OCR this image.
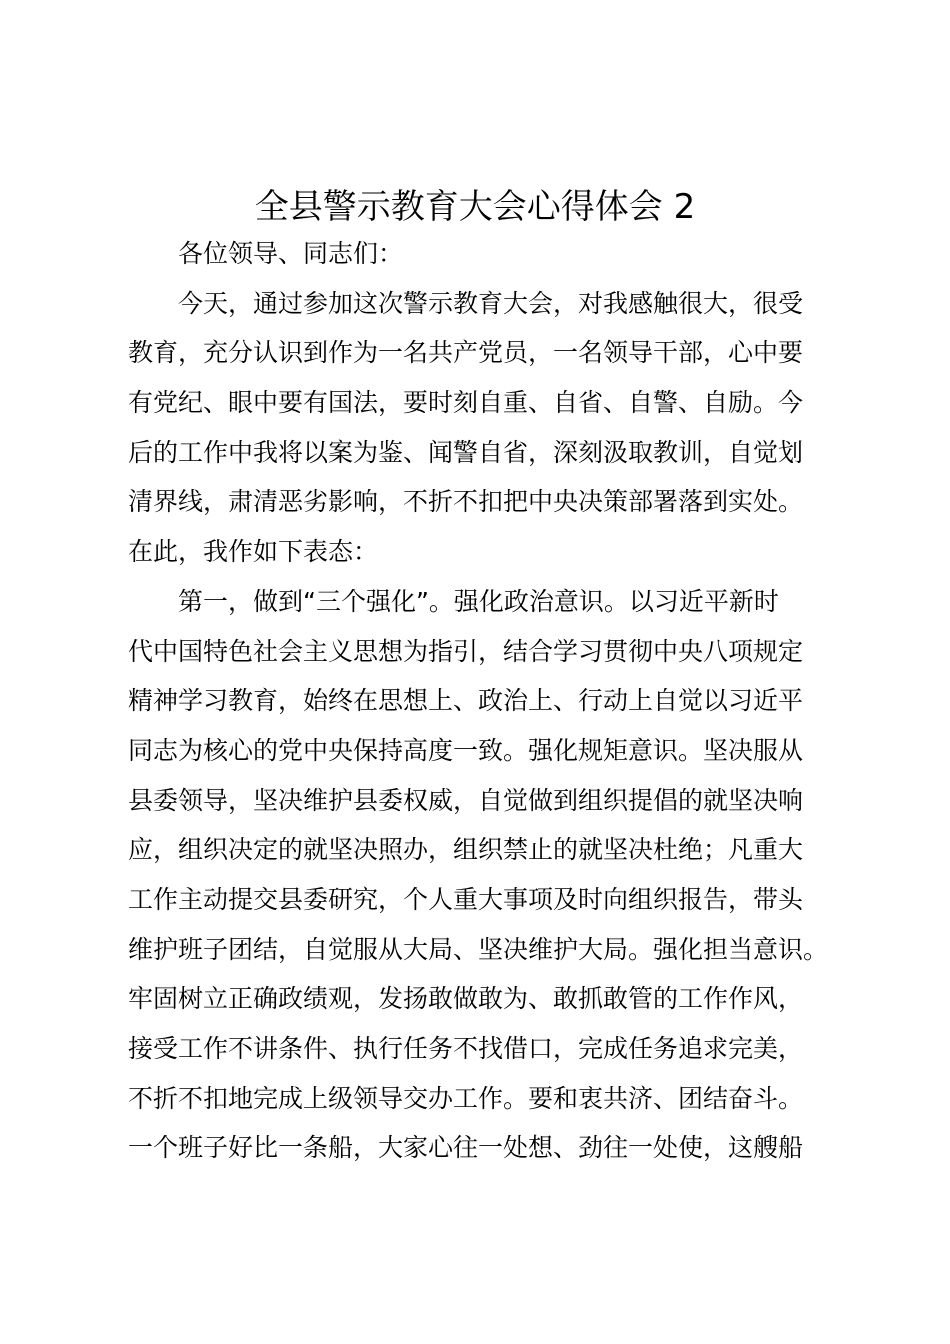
全县警示教育大会心得体会 2

各位领导、同志们：

今天，通过参加这次警示教育大会，对我感触很大，很受

教育，充分认识到作为一名共产党员，一名领导干部，心中要

有党纪、眼中要有国法，要时刻自重、自省、自警、自励。今

后的工作中我将以案为鉴、闻警自省，深刻汲取教训，自觉划

清界线，肃清恶劣影响，不折不扣把中央决策部署落到实处。

在此，我作如下表态：

第一，做到“三个强化”。强化政治意识。以习近平新时

代中国特色社会主义思想为指引，结合学习贯彻中央八项规定

精神学习教育，始终在思想上、政治上、行动上自觉以习近平

同志为核心的党中央保持高度一致。强化规矩意识。坚决服从

县委领导，坚决维护县委权威，自觉做到组织提倡的就坚决响

应，组织决定的就坚决照办，组织禁止的就坚决杜绝；凡重大

工作主动提交县委研究，个人重大事项及时向组织报告，带头

维护班子团结，自觉服从大局、坚决维护大局。强化担当意识。

牢固树立正确政绩观，发扬敢做敢为、敢抓敢管的工作作风，

接受工作不讲条件、执行任务不找借口，完成任务追求完美，

不折不扣地完成上级领导交办工作。要和衷共济、团结奋斗。

一个班子好比一条船，大家心往一处想、劲往一处使，这艘船
